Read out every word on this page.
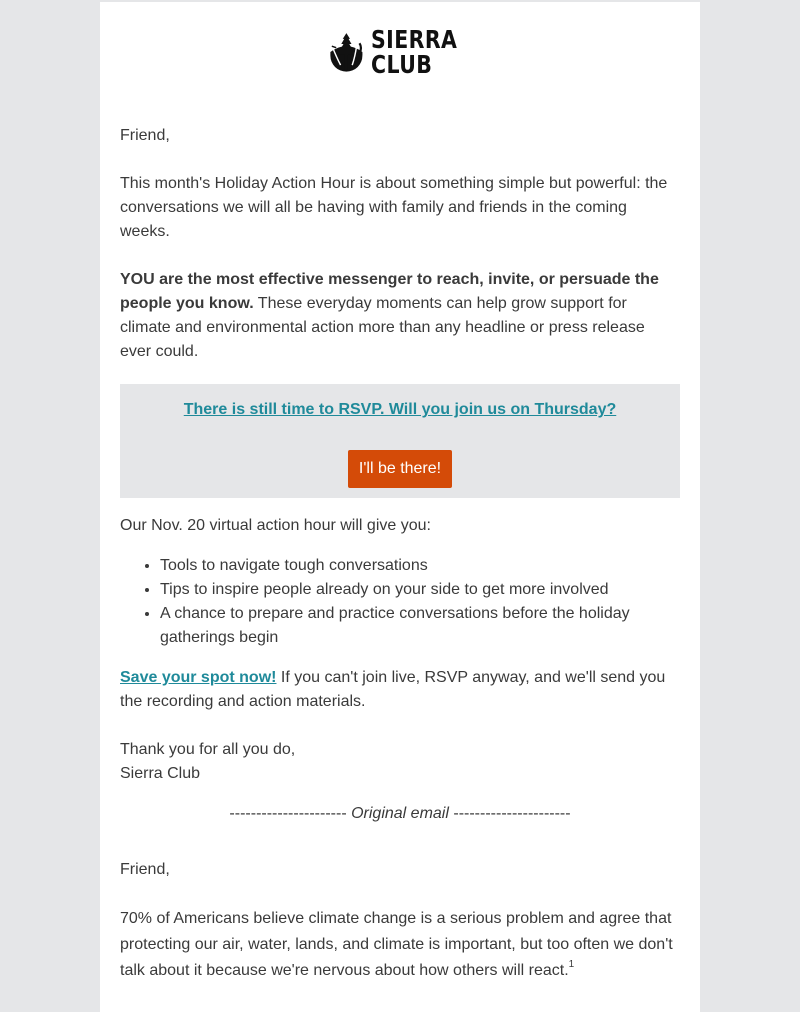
SIERRA
CLUB

Friend,

This month's Holiday Action Hour is about something simple but powerful: the conversations we will all be having with family and friends in the coming weeks.

YOU are the most effective messenger to reach, invite, or persuade the people you know. These everyday moments can help grow support for climate and environmental action more than any headline or press release ever could.

There is still time to RSVP. Will you join us on Thursday?
I'll be there!

Our Nov. 20 virtual action hour will give you:

• Tools to navigate tough conversations
• Tips to inspire people already on your side to get more involved
• A chance to prepare and practice conversations before the holiday gatherings begin

Save your spot now! If you can't join live, RSVP anyway, and we'll send you the recording and action materials.

Thank you for all you do,

Sierra Club

---------------------- Original email ----------------------

Friend,

70% of Americans believe climate change is a serious problem and agree that protecting our air, water, lands, and climate is important, but too often we don't talk about it because we're nervous about how others will react.$^1$
